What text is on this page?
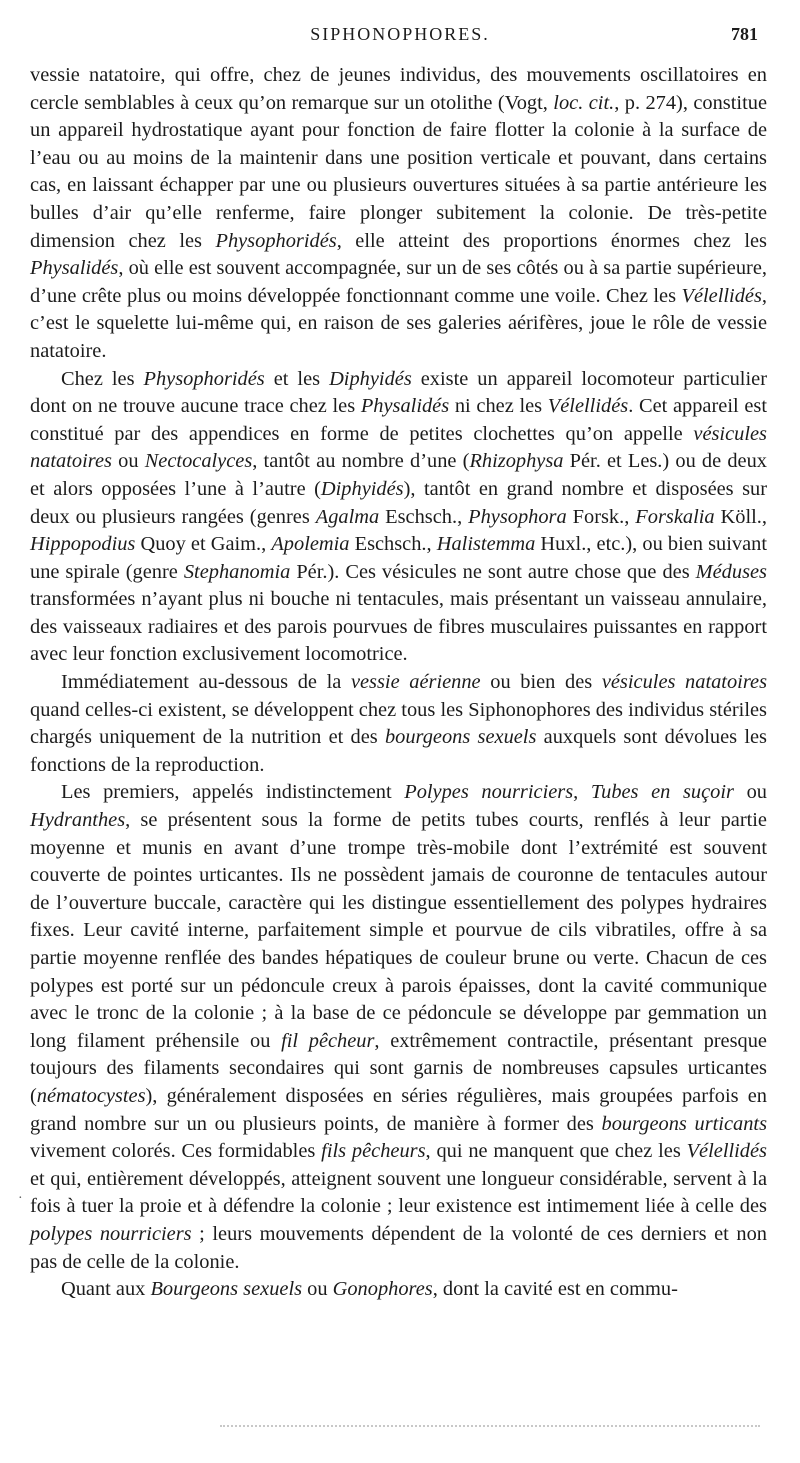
SIPHONOPHORES.	781

vessie natatoire, qui offre, chez de jeunes individus, des mouvements oscillatoires en cercle semblables à ceux qu’on remarque sur un otolithe (Vogt, loc. cit., p. 274), constitue un appareil hydrostatique ayant pour fonction de faire flotter la colonie à la surface de l’eau ou au moins de la maintenir dans une position verticale et pouvant, dans certains cas, en laissant échapper par une ou plusieurs ouvertures situées à sa partie antérieure les bulles d’air qu’elle renferme, faire plonger subitement la colonie. De très-petite dimension chez les Physophoridés, elle atteint des proportions énormes chez les Physalidés, où elle est souvent accompagnée, sur un de ses côtés ou à sa partie supérieure, d’une crête plus ou moins développée fonctionnant comme une voile. Chez les Vélellidés, c’est le squelette lui-même qui, en raison de ses galeries aérifères, joue le rôle de vessie natatoire.

Chez les Physophoridés et les Diphyidés existe un appareil locomoteur particulier dont on ne trouve aucune trace chez les Physalidés ni chez les Vélellidés. Cet appareil est constitué par des appendices en forme de petites clochettes qu’on appelle vésicules natatoires ou Nectocalyces, tantôt au nombre d’une (Rhizophysa Pér. et Les.) ou de deux et alors opposées l’une à l’autre (Diphyidés), tantôt en grand nombre et disposées sur deux ou plusieurs rangées (genres Agalma Eschsch., Physophora Forsk., Forskalia Köll., Hippopodius Quoy et Gaim., Apolemia Eschsch., Halistemma Huxl., etc.), ou bien suivant une spirale (genre Stephanomia Pér.). Ces vésicules ne sont autre chose que des Méduses transformées n’ayant plus ni bouche ni tentacules, mais présentant un vaisseau annulaire, des vaisseaux radiaires et des parois pourvues de fibres musculaires puissantes en rapport avec leur fonction exclusivement locomotrice.

Immédiatement au-dessous de la vessie aérienne ou bien des vésicules natatoires quand celles-ci existent, se développent chez tous les Siphonophores des individus stériles chargés uniquement de la nutrition et des bourgeons sexuels auxquels sont dévolues les fonctions de la reproduction.

Les premiers, appelés indistinctement Polypes nourriciers, Tubes en suçoir ou Hydranthes, se présentent sous la forme de petits tubes courts, renflés à leur partie moyenne et munis en avant d’une trompe très-mobile dont l’extrémité est souvent couverte de pointes urticantes. Ils ne possèdent jamais de couronne de tentacules autour de l’ouverture buccale, caractère qui les distingue essentiellement des polypes hydraires fixes. Leur cavité interne, parfaitement simple et pourvue de cils vibratiles, offre à sa partie moyenne renflée des bandes hépatiques de couleur brune ou verte. Chacun de ces polypes est porté sur un pédoncule creux à parois épaisses, dont la cavité communique avec le tronc de la colonie ; à la base de ce pédoncule se développe par gemmation un long filament préhensile ou fil pêcheur, extrêmement contractile, présentant presque toujours des filaments secondaires qui sont garnis de nombreuses capsules urticantes (nématocystes), généralement disposées en séries régulières, mais groupées parfois en grand nombre sur un ou plusieurs points, de manière à former des bourgeons urticants vivement colorés. Ces formidables fils pêcheurs, qui ne manquent que chez les Vélellidés et qui, entièrement développés, atteignent souvent une longueur considérable, servent à la fois à tuer la proie et à défendre la colonie ; leur existence est intimement liée à celle des polypes nourriciers ; leurs mouvements dépendent de la volonté de ces derniers et non pas de celle de la colonie.

Quant aux Bourgeons sexuels ou Gonophores, dont la cavité est en commu-

·
